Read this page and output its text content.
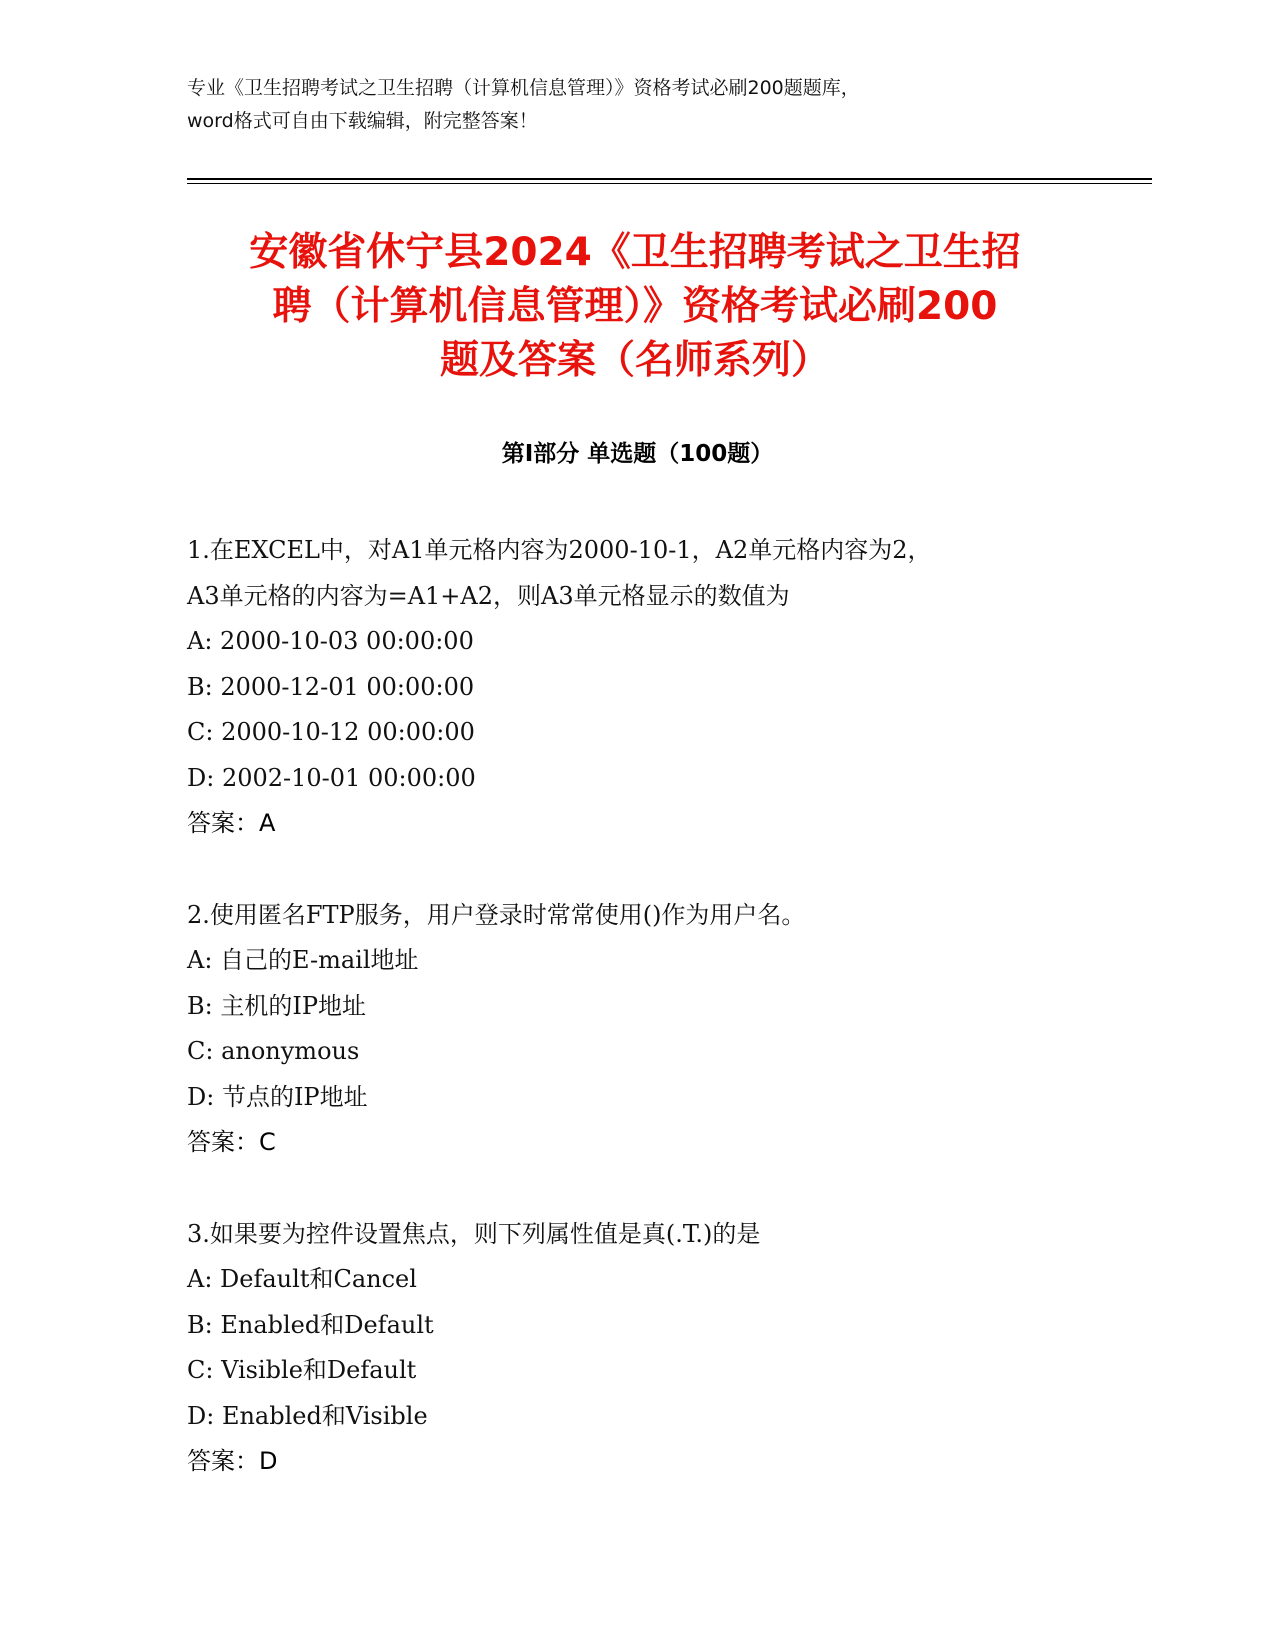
专业《卫生招聘考试之卫生招聘（计算机信息管理）》资格考试必刷200题题库，
word格式可自由下载编辑，附完整答案！
安徽省休宁县2024《卫生招聘考试之卫生招
聘（计算机信息管理）》资格考试必刷200
题及答案（名师系列）
第Ⅰ部分 单选题（100题）
1.在EXCEL中，对A1单元格内容为2000-10-1，A2单元格内容为2，
A3单元格的内容为=A1+A2，则A3单元格显示的数值为
A: 2000-10-03 00:00:00
B: 2000-12-01 00:00:00
C: 2000-10-12 00:00:00
D: 2002-10-01 00:00:00
答案：A
2.使用匿名FTP服务，用户登录时常常使用()作为用户名。
A: 自己的E-mail地址
B: 主机的IP地址
C: anonymous
D: 节点的IP地址
答案：C
3.如果要为控件设置焦点，则下列属性值是真(.T.)的是
A: Default和Cancel
B: Enabled和Default
C: Visible和Default
D: Enabled和Visible
答案：D
